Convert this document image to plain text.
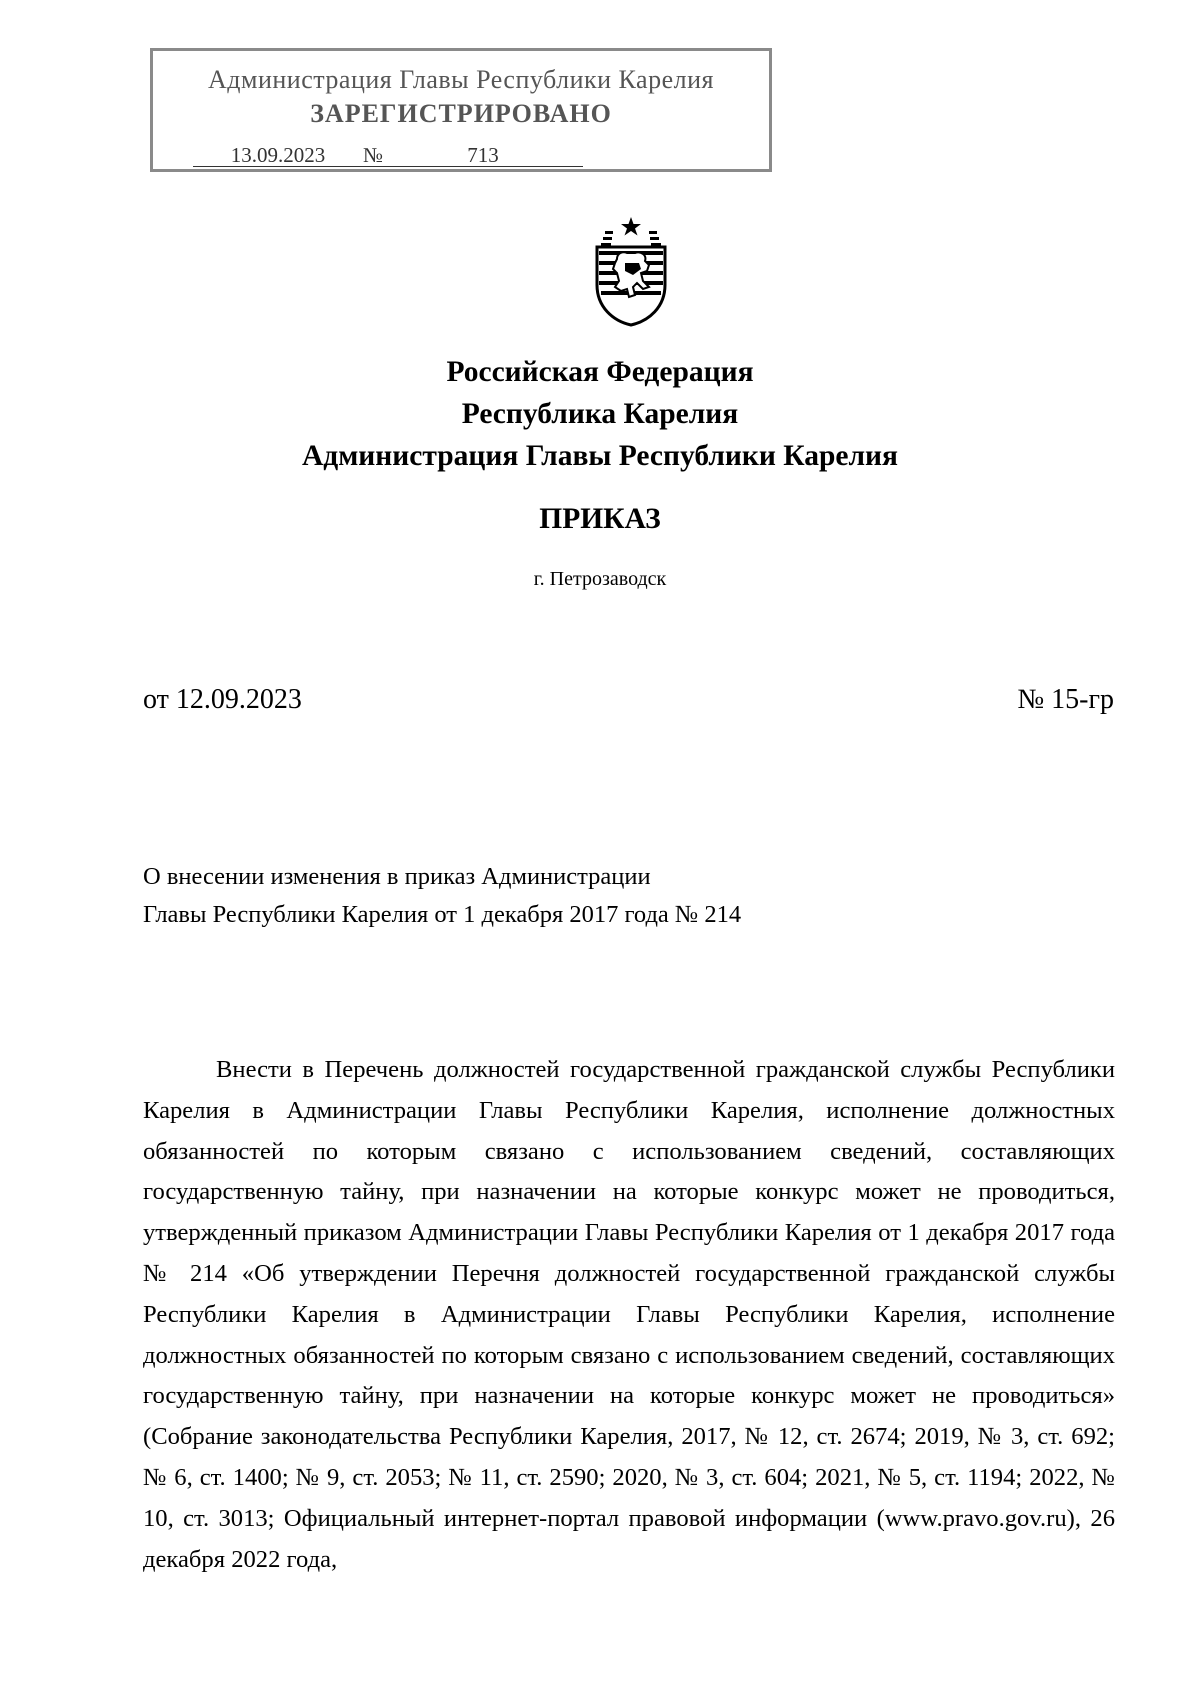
Администрация Главы Республики Карелия
ЗАРЕГИСТРИРОВАНО
13.09.2023 №	713
Российская Федерация
Республика Карелия
Администрация Главы Республики Карелия
ПРИКАЗ
г. Петрозаводск
от 12.09.2023	№ 15-гр
О внесении изменения в приказ Администрации
Главы Республики Карелия от 1 декабря 2017 года № 214
Внести в Перечень должностей государственной гражданской службы Республики Карелия в Администрации Главы Республики Карелия, исполнение должностных обязанностей по которым связано с использованием сведений, составляющих государственную тайну, при назначении на которые конкурс может не проводиться, утвержденный приказом Администрации Главы Республики Карелия от 1 декабря 2017 года № 214 «Об утверждении Перечня должностей государственной гражданской службы Республики Карелия в Администрации Главы Республики Карелия, исполнение должностных обязанностей по которым связано с использованием сведений, составляющих государственную тайну, при назначении на которые конкурс может не проводиться» (Собрание законодательства Республики Карелия, 2017, № 12, ст. 2674; 2019, № 3, ст. 692; № 6, ст. 1400; № 9, ст. 2053; № 11, ст. 2590; 2020, № 3, ст. 604; 2021, № 5, ст. 1194; 2022, № 10, ст. 3013; Официальный интернет-портал правовой информации (www.pravo.gov.ru), 26 декабря 2022 года,
